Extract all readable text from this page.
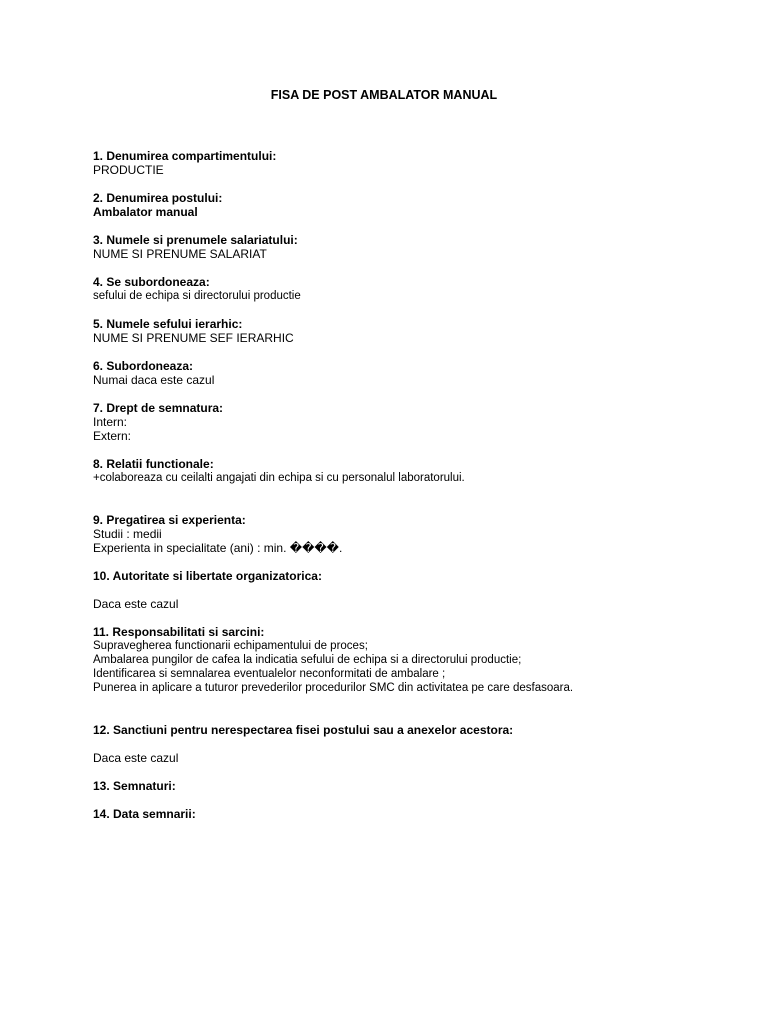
FISA DE POST AMBALATOR MANUAL
1. Denumirea compartimentului:
PRODUCTIE
2. Denumirea postului:
Ambalator manual
3. Numele si prenumele salariatului:
NUME SI PRENUME SALARIAT
4. Se subordoneaza:
sefului de echipa si directorului productie
5. Numele sefului ierarhic:
NUME SI PRENUME SEF IERARHIC
6. Subordoneaza:
Numai daca este cazul
7. Drept de semnatura:
Intern:
Extern:
8. Relatii functionale:
+colaboreaza cu ceilalti angajati din echipa si cu personalul laboratorului.
9. Pregatirea si experienta:
Studii : medii
Experienta in specialitate (ani) : min. ����.
10. Autoritate si libertate organizatorica:
Daca este cazul
11. Responsabilitati si sarcini:
Supravegherea functionarii echipamentului de proces;
Ambalarea pungilor de cafea la indicatia sefului de echipa si a directorului productie;
Identificarea si semnalarea eventualelor neconformitati de ambalare ;
Punerea in aplicare a tuturor prevederilor procedurilor SMC din activitatea pe care desfasoara.
12. Sanctiuni pentru nerespectarea fisei postului sau a anexelor acestora:
Daca este cazul
13. Semnaturi:
14. Data semnarii:
